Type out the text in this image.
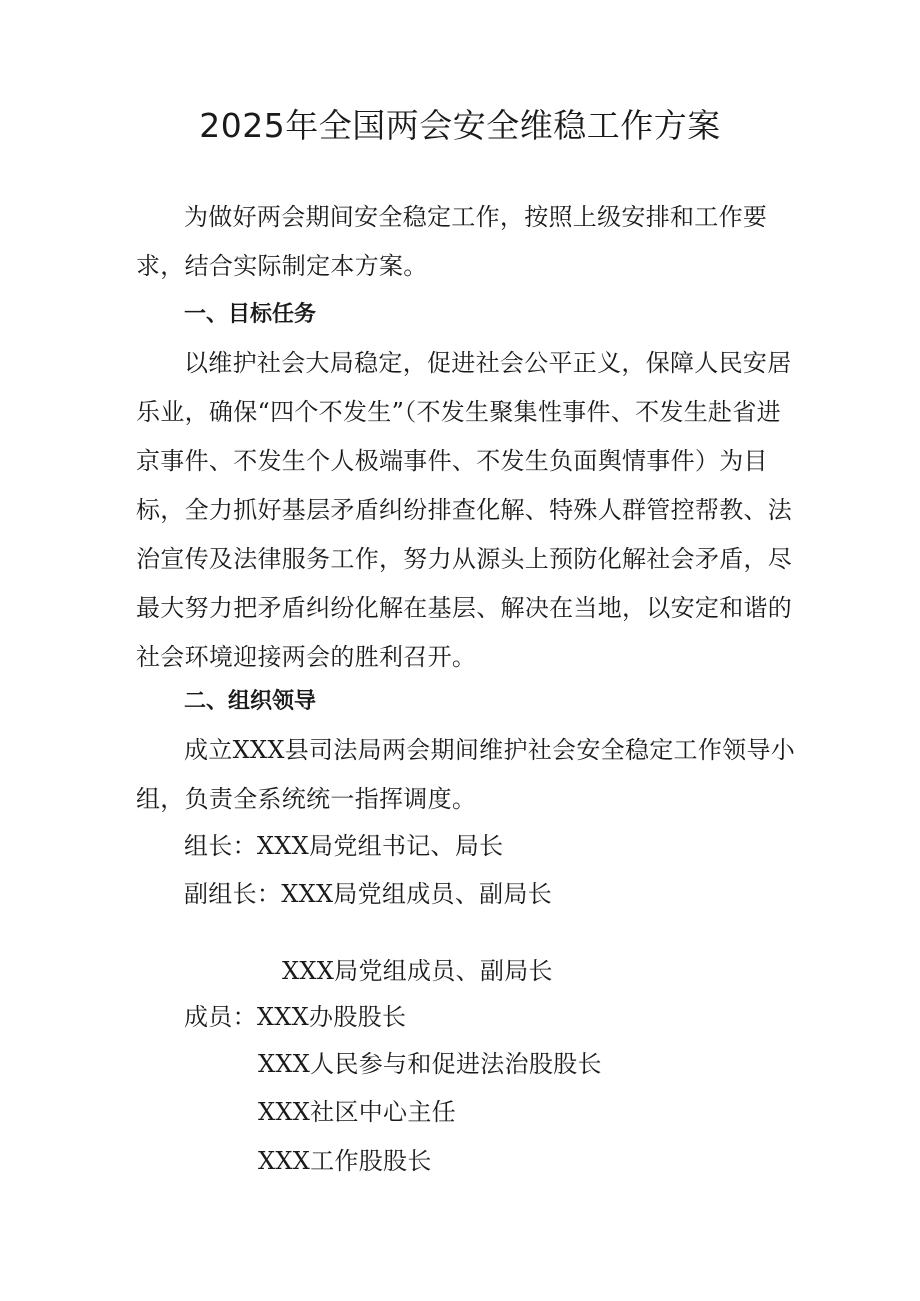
2025年全国两会安全维稳工作方案

为做好两会期间安全稳定工作，按照上级安排和工作要求，结合实际制定本方案。

一、目标任务

以维护社会大局稳定，促进社会公平正义，保障人民安居乐业，确保“四个不发生”（不发生聚集性事件、不发生赴省进京事件、不发生个人极端事件、不发生负面舆情事件）为目标，全力抓好基层矛盾纠纷排查化解、特殊人群管控帮教、法治宣传及法律服务工作，努力从源头上预防化解社会矛盾，尽最大努力把矛盾纠纷化解在基层、解决在当地，以安定和谐的社会环境迎接两会的胜利召开。

二、组织领导

成立XXX县司法局两会期间维护社会安全稳定工作领导小组，负责全系统统一指挥调度。

组长：XXX局党组书记、局长

副组长：XXX局党组成员、副局长

XXX局党组成员、副局长

成员：XXX办股股长

XXX人民参与和促进法治股股长

XXX社区中心主任

XXX工作股股长
